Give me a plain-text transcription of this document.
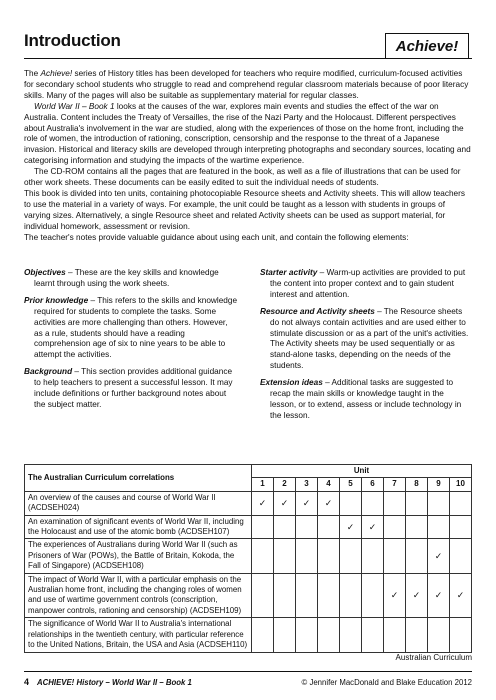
Introduction	Achieve!

The Achieve! series of History titles has been developed for teachers who require modified, curriculum-focused activities for secondary school students who struggle to read and comprehend regular classroom materials because of poor literacy skills. Many of the pages will also be suitable as supplementary material for regular classes.

World War II – Book 1 looks at the causes of the war, explores main events and studies the effect of the war on Australia. Content includes the Treaty of Versailles, the rise of the Nazi Party and the Holocaust. Different perspectives about Australia's involvement in the war are studied, along with the experiences of those on the home front, including the role of women, the introduction of rationing, conscription, censorship and the response to the threat of a Japanese invasion. Historical and literacy skills are developed through interpreting photographs and secondary sources, locating and categorising information and studying the impacts of the wartime experience.

The CD-ROM contains all the pages that are featured in the book, as well as a file of illustrations that can be used for other work sheets. These documents can be easily edited to suit the individual needs of students.

This book is divided into ten units, containing photocopiable Resource sheets and Activity sheets. This will allow teachers to use the material in a variety of ways. For example, the unit could be taught as a lesson with students in groups of varying sizes. Alternatively, a single Resource sheet and related Activity sheets can be used as support material, for individual homework, assessment or revision.

The teacher's notes provide valuable guidance about using each unit, and contain the following elements:

Objectives – These are the key skills and knowledge learnt through using the work sheets.

Prior knowledge – This refers to the skills and knowledge required for students to complete the tasks. Some activities are more challenging than others. However, as a rule, students should have a reading comprehension age of six to nine years to be able to attempt the activities.

Background – This section provides additional guidance to help teachers to present a successful lesson. It may include definitions or further background notes about the subject matter.

Starter activity – Warm-up activities are provided to put the content into proper context and to gain student interest and attention.

Resource and Activity sheets – The Resource sheets do not always contain activities and are used either to stimulate discussion or as a part of the unit's activities. The Activity sheets may be used sequentially or as stand-alone tasks, depending on the needs of the students.

Extension ideas – Additional tasks are suggested to recap the main skills or knowledge taught in the lesson, or to extend, assess or include technology in the lesson.

The Australian Curriculum correlations	Unit									
	1	2	3	4	5	6	7	8	9	10
An overview of the causes and course of World War II (ACDSEH024)	✓	✓	✓	✓						
An examination of significant events of World War II, including the Holocaust and use of the atomic bomb (ACDSEH107)					✓	✓				
The experiences of Australians during World War II (such as Prisoners of War (POWs), the Battle of Britain, Kokoda, the Fall of Singapore) (ACDSEH108)									✓	
The impact of World War II, with a particular emphasis on the Australian home front, including the changing roles of women and use of wartime government controls (conscription, manpower controls, rationing and censorship) (ACDSEH109)							✓	✓	✓	✓
The significance of World War II to Australia's international relationships in the twentieth century, with particular reference to the United Nations, Britain, the USA and Asia (ACDSEH110)										
Australian Curriculum
4 ACHIEVE! History – World War II – Book 1	© Jennifer MacDonald and Blake Education 2012
